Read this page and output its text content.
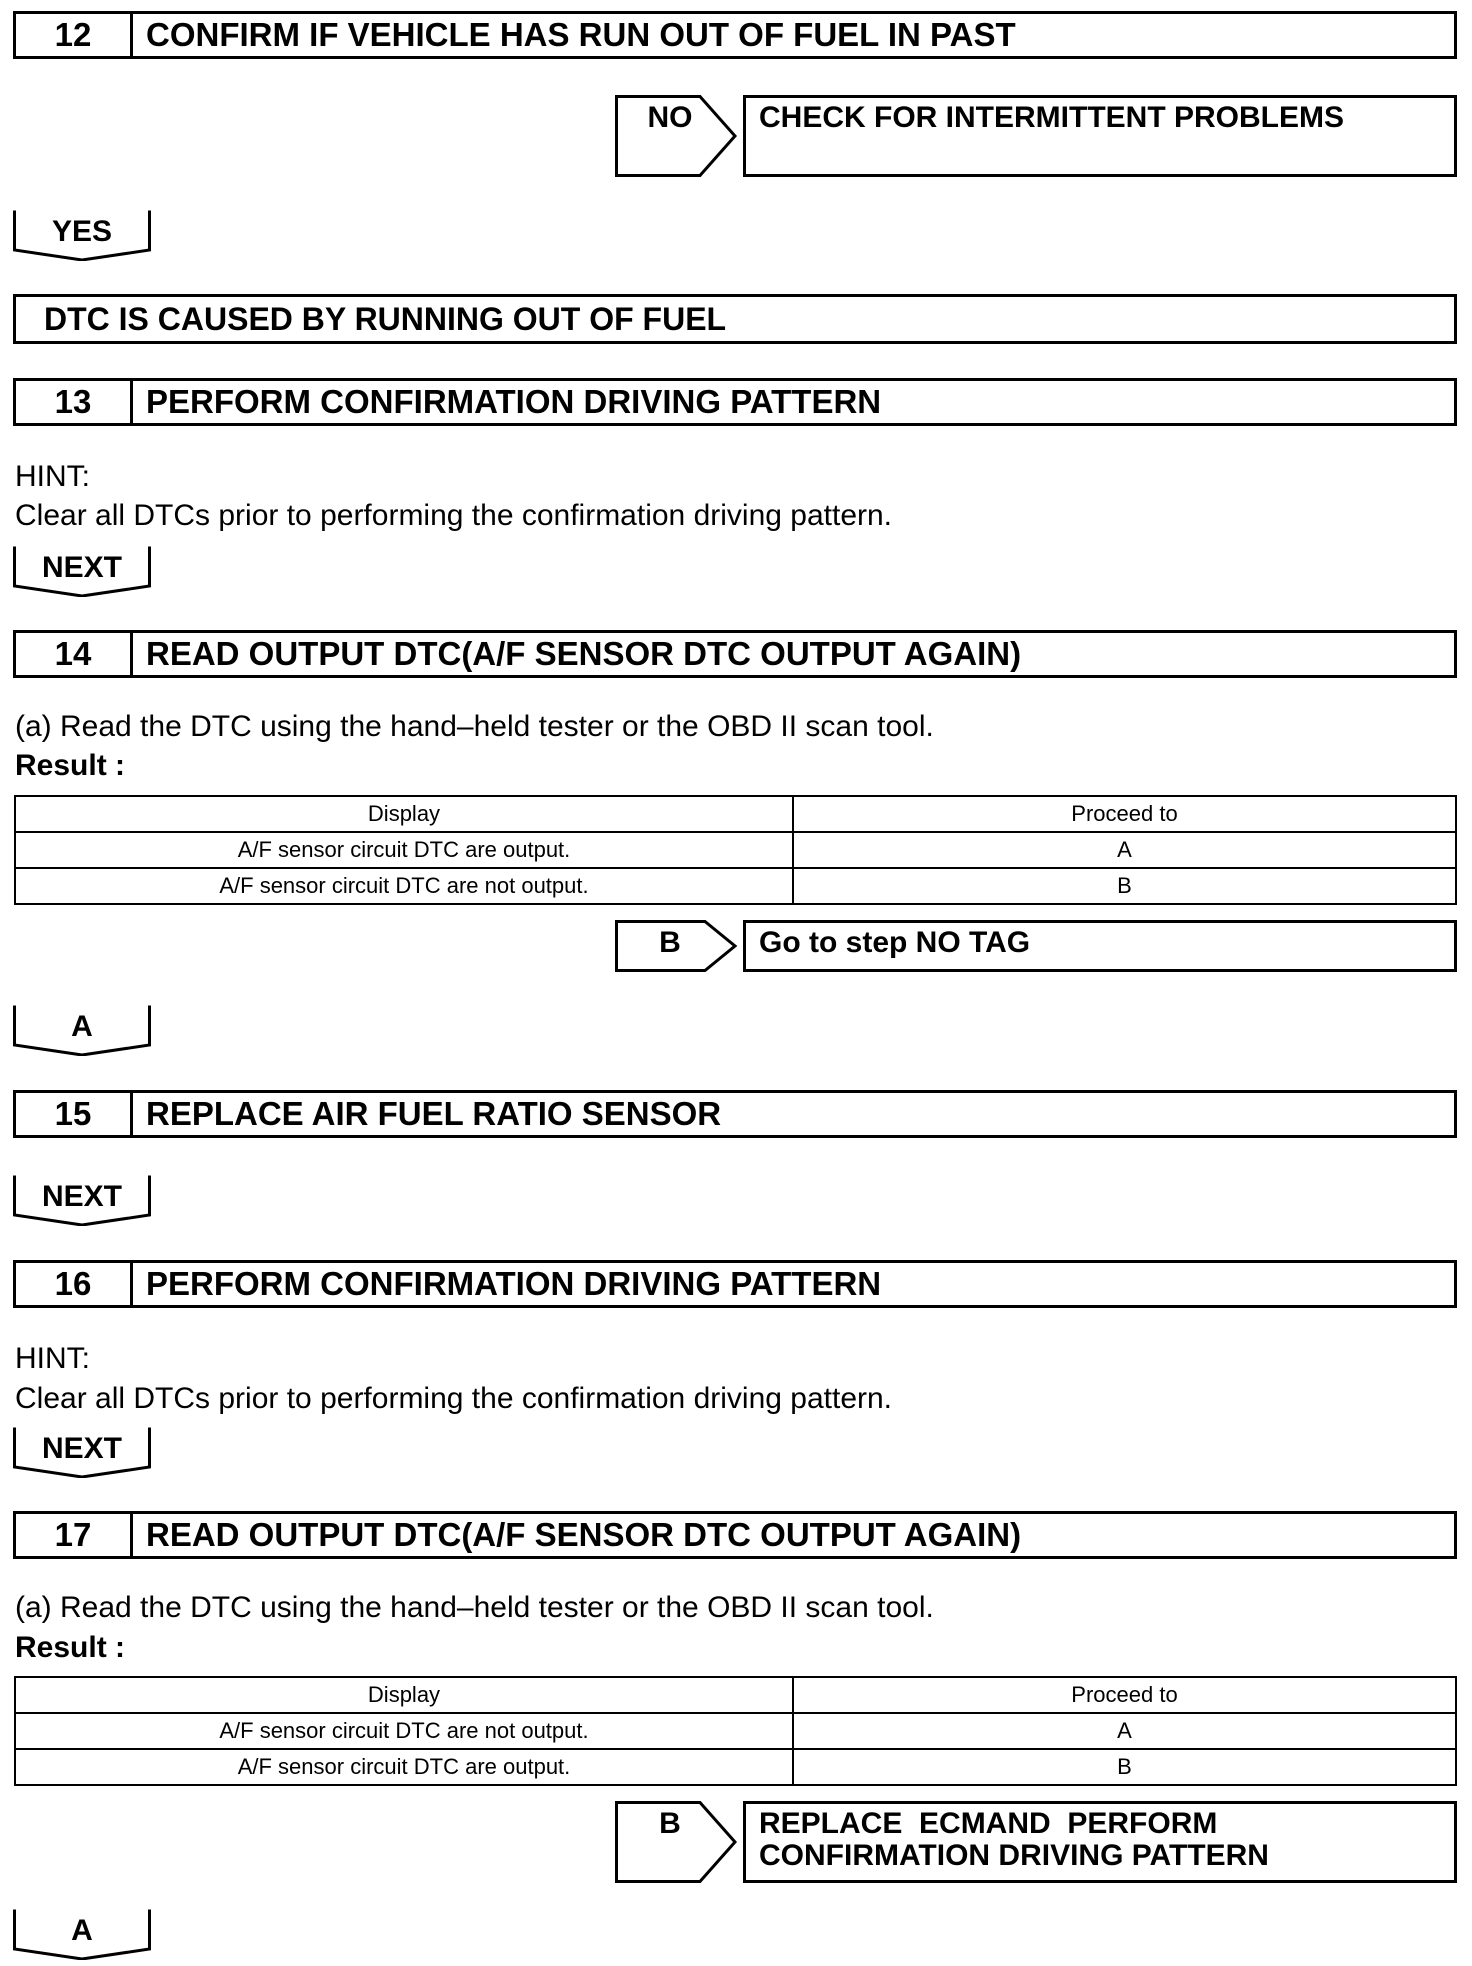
12	CONFIRM IF VEHICLE HAS RUN OUT OF FUEL IN PAST
NO	CHECK FOR INTERMITTENT PROBLEMS
YES
DTC IS CAUSED BY RUNNING OUT OF FUEL
13	PERFORM CONFIRMATION DRIVING PATTERN
HINT:
Clear all DTCs prior to performing the confirmation driving pattern.
NEXT
14	READ OUTPUT DTC(A/F SENSOR DTC OUTPUT AGAIN)
(a) Read the DTC using the hand–held tester or the OBD II scan tool.
Result :
Display	Proceed to
A/F sensor circuit DTC are output.	A
A/F sensor circuit DTC are not output.	B
B	Go to step NO TAG
A
15	REPLACE AIR FUEL RATIO SENSOR
NEXT
16	PERFORM CONFIRMATION DRIVING PATTERN
HINT:
Clear all DTCs prior to performing the confirmation driving pattern.
NEXT
17	READ OUTPUT DTC(A/F SENSOR DTC OUTPUT AGAIN)
(a) Read the DTC using the hand–held tester or the OBD II scan tool.
Result :
Display	Proceed to
A/F sensor circuit DTC are not output.	A
A/F sensor circuit DTC are output.	B
B	REPLACE  ECMAND  PERFORM
CONFIRMATION DRIVING PATTERN
A
